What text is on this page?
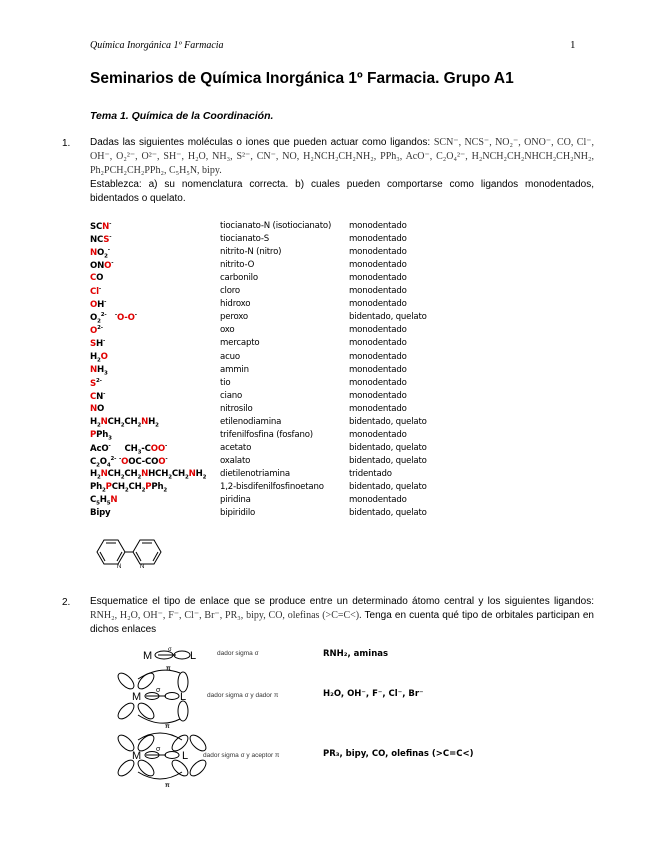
Química Inorgánica 1º Farmacia	1
Seminarios de Química Inorgánica 1º Farmacia. Grupo A1
Tema 1. Química de la Coordinación.
1. Dadas las siguientes moléculas o iones que pueden actuar como ligandos: SCN⁻, NCS⁻, NO₂⁻, ONO⁻, CO, Cl⁻, OH⁻, O₂²⁻, O²⁻, SH⁻, H₂O, NH₃, S²⁻, CN⁻, NO, H₂NCH₂CH₂NH₂, PPh₃, AcO⁻, C₂O₄²⁻, H₂NCH₂CH₂NHCH₂CH₂NH₂, Ph₂PCH₂CH₂PPh₂, C₅H₅N, bipy.
Establezca: a) su nomenclatura correcta. b) cuales pueden comportarse como ligandos monodentados, bidentados o quelato.
SCN-	tiocianato-N (isotiocianato) monodentado
NCS-	tiocianato-S	monodentado
$NO_2^-$	nitrito-N (nitro)	monodentado
ONO-	nitrito-O	monodentado
CO	carbonilo	monodentado
Cl-	cloro	monodentado
OH-	hidroxo	monodentado
$O_2^{2-}$ -O-O-	peroxo	bidentado, quelato
$O^{2-}$	oxo	monodentado
SH-	mercapto	monodentado
$H_2O$	acuo	monodentado
$NH_3$	ammin	monodentado
$S^{2-}$	tio	monodentado
CN-	ciano	monodentado
NO	nitrosilo	monodentado
$H_2NCH_2CH_2NH_2$	etilenodiamina	bidentado, quelato
PPh$_3$	trifenilfosfina (fosfano)	monodentado
AcO-     $CH_3-COO^-$	acetato	bidentado, quelato
$C_2O_4^{2-}$ -OOC-COO-	oxalato	bidentado, quelato
$H_2NCH_2CH_2NHCH_2CH_2NH_2$ dietilenotriamina	tridentado
$Ph_2PCH_2CH_2PPh_2$	1,2-bisdifenilfosfinoetano	bidentado, quelato
$C_5H_5N$	piridina	monodentado
Bipy	bipiridilo	bidentado, quelato
N	N
2. Esquematice el tipo de enlace que se produce entre un determinado átomo central y los siguientes ligandos: RNH₂, H₂O, OH⁻, F⁻, Cl⁻, Br⁻, PR₃, bipy, CO, olefinas (>C=C<). Tenga en cuenta qué tipo de orbitales participan en dichos enlaces
M	σ L
π
dador sigma σ	RNH₂, aminas
M	L
σ
π
dador sigma σ y dador π	H₂O, OH⁻, F⁻, Cl⁻, Br⁻
M	L
σ
π
dador sigma σ y aceptor π	PR₃, bipy, CO, olefinas (>C=C<)
